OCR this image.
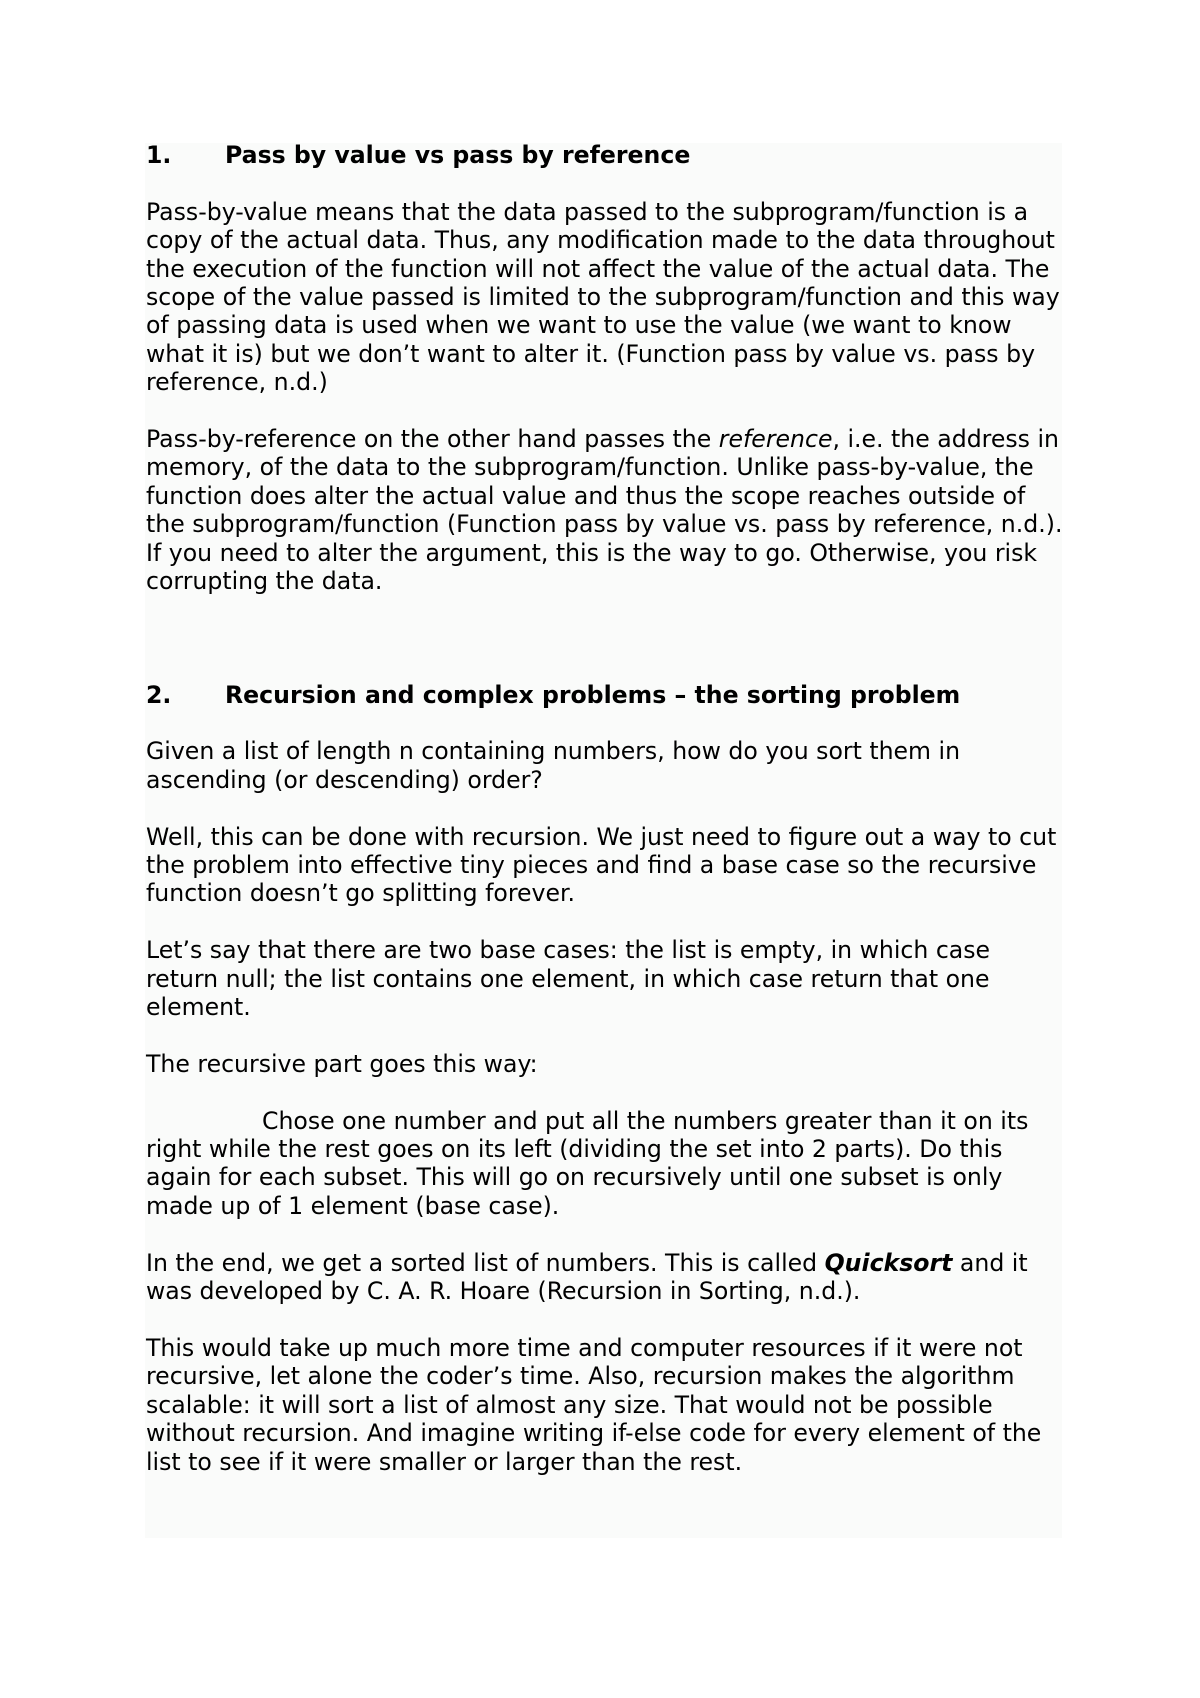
1.	Pass by value vs pass by reference

Pass-by-value means that the data passed to the subprogram/function is a copy of the actual data. Thus, any modification made to the data throughout the execution of the function will not affect the value of the actual data. The scope of the value passed is limited to the subprogram/function and this way of passing data is used when we want to use the value (we want to know what it is) but we don’t want to alter it. (Function pass by value vs. pass by reference, n.d.)

Pass-by-reference on the other hand passes the reference, i.e. the address in memory, of the data to the subprogram/function. Unlike pass-by-value, the function does alter the actual value and thus the scope reaches outside of the subprogram/function (Function pass by value vs. pass by reference, n.d.). If you need to alter the argument, this is the way to go. Otherwise, you risk corrupting the data.

2.	Recursion and complex problems – the sorting problem

Given a list of length n containing numbers, how do you sort them in ascending (or descending) order?

Well, this can be done with recursion. We just need to figure out a way to cut the problem into effective tiny pieces and find a base case so the recursive function doesn’t go splitting forever.

Let’s say that there are two base cases: the list is empty, in which case return null; the list contains one element, in which case return that one element.

The recursive part goes this way:

Chose one number and put all the numbers greater than it on its right while the rest goes on its left (dividing the set into 2 parts). Do this again for each subset. This will go on recursively until one subset is only made up of 1 element (base case).

In the end, we get a sorted list of numbers. This is called Quicksort and it was developed by C. A. R. Hoare (Recursion in Sorting, n.d.).

This would take up much more time and computer resources if it were not recursive, let alone the coder’s time. Also, recursion makes the algorithm scalable: it will sort a list of almost any size. That would not be possible without recursion. And imagine writing if-else code for every element of the list to see if it were smaller or larger than the rest.
